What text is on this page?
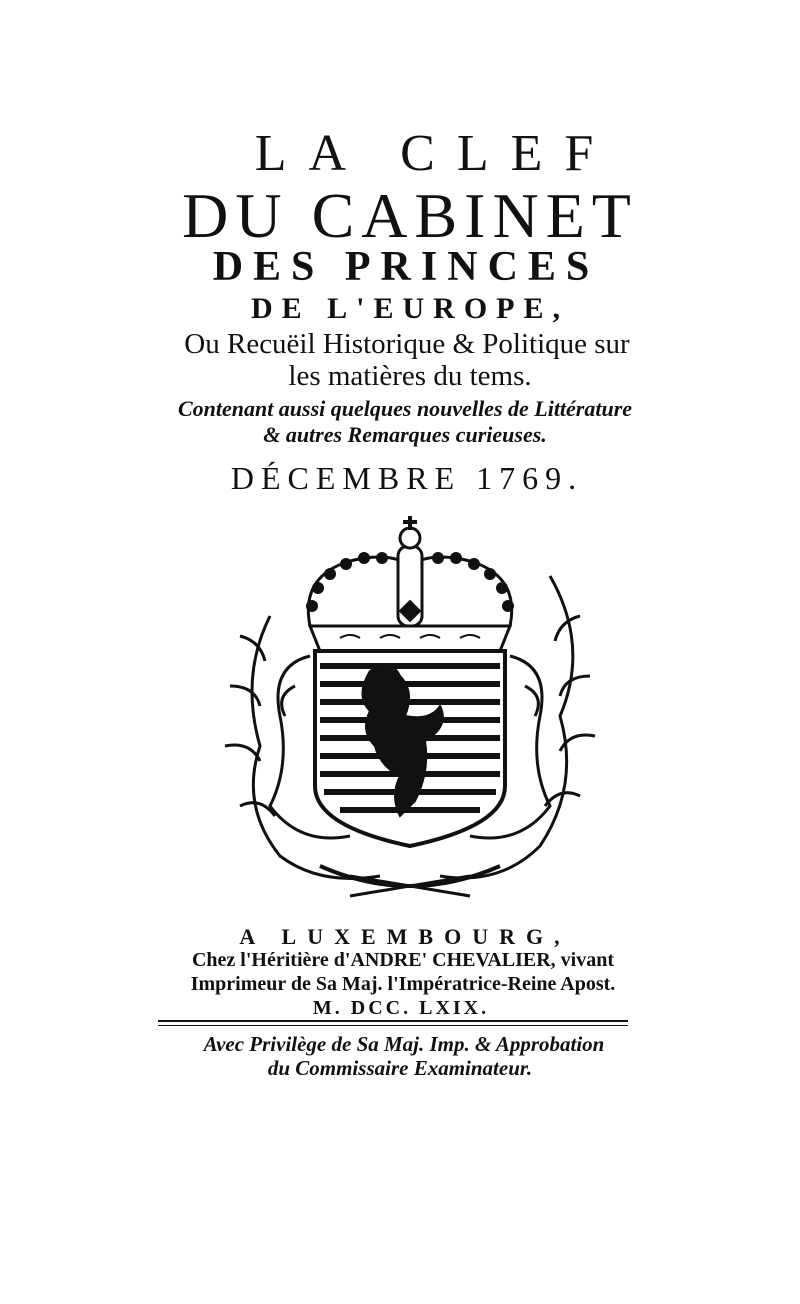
LA CLEF

DU CABINET

DES PRINCES

DE L'EUROPE,

Ou Recuëil Historique & Politique sur

les matières du tems.

Contenant aussi quelques nouvelles de Littérature

& autres Remarques curieuses.

DÉCEMBRE 1769.

A LUXEMBOURG,

Chez l'Héritière d'ANDRE' CHEVALIER, vivant

Imprimeur de Sa Maj. l'Impératrice-Reine Apost.

M. DCC. LXIX.

Avec Privilège de Sa Maj. Imp. & Approbation

du Commissaire Examinateur.
